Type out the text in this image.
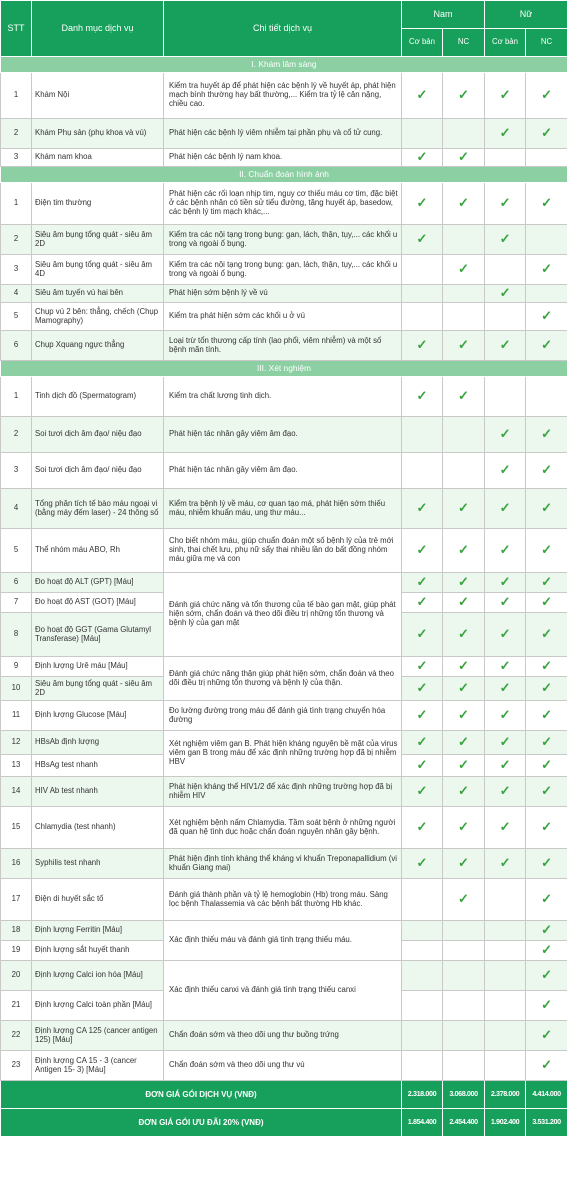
STT	Danh mục dịch vụ	Chi tiết dịch vụ	Nam		Nữ	
			Cơ bản	NC	Cơ bản	NC
I. Khám lâm sàng						
1	Khám Nội	Kiểm tra huyết áp để phát hiện các bệnh lý về huyết áp, phát hiện mạch bình thường hay bất thường,... Kiểm tra tỷ lệ cân nặng, chiều cao.	✓	✓	✓	✓
2	Khám Phụ sản (phụ khoa và vú)	Phát hiện các bệnh lý viêm nhiễm tại phần phụ và cổ tử cung.			✓	✓
3	Khám nam khoa	Phát hiện các bệnh lý nam khoa.	✓	✓		
II. Chuẩn đoán hình ảnh						
1	Điện tim thường	Phát hiện các rối loạn nhịp tim, nguy cơ thiếu máu cơ tim, đặc biệt ở các bệnh nhân có tiền sử tiểu đường, tăng huyết áp, basedow, các bệnh lý tim mạch khác,...	✓	✓	✓	✓
2	Siêu âm bụng tổng quát - siêu âm 2D	Kiểm tra các nội tạng trong bụng: gan, lách, thận, tụy,... các khối u trong và ngoài ổ bụng.	✓		✓	
3	Siêu âm bụng tổng quát - siêu âm 4D	Kiểm tra các nội tạng trong bụng: gan, lách, thận, tụy,... các khối u trong và ngoài ổ bụng.		✓		✓
4	Siêu âm tuyến vú hai bên	Phát hiện sớm bệnh lý về vú			✓	
5	Chụp vú 2 bên: thẳng, chếch (Chụp Mamography)	Kiểm tra phát hiện sớm các khối u ở vú				✓
6	Chụp Xquang ngực thẳng	Loại trừ tổn thương cấp tính (lao phổi, viêm nhiễm) và một số bệnh mãn tính.	✓	✓	✓	✓
III. Xét nghiệm						
1	Tinh dịch đồ (Spermatogram)	Kiểm tra chất lượng tinh dịch.	✓	✓		
2	Soi tươi dịch âm đạo/ niệu đạo	Phát hiện tác nhân gây viêm âm đạo.			✓	✓
3	Soi tươi dịch âm đạo/ niệu đạo	Phát hiện tác nhân gây viêm âm đạo.			✓	✓
4	Tổng phân tích tế bào máu ngoại vi (bằng máy đếm laser) - 24 thông số	Kiểm tra bệnh lý về máu, cơ quan tạo má, phát hiện sớm thiếu máu, nhiễm khuẩn máu, ung thư máu...	✓	✓	✓	✓
5	Thể nhóm máu ABO, Rh	Cho biết nhóm máu, giúp chuẩn đoán một số bệnh lý của trẻ mới sinh, thai chết lưu, phụ nữ sẩy thai nhiều lần do bất đồng nhóm máu giữa mẹ và con	✓	✓	✓	✓
6	Đo hoạt độ ALT (GPT) [Máu]	Đánh giá chức năng và tổn thương của tế bào gan mật, giúp phát hiện sớm, chẩn đoán và theo dõi điều trị những tổn thương và bệnh lý của gan mật	✓	✓	✓	✓
7	Đo hoạt độ AST (GOT) [Máu]		✓	✓	✓	✓
8	Đo hoạt độ GGT (Gama Glutamyl Transferase) [Máu]		✓	✓	✓	✓
9	Định lượng Urê máu [Máu]	Đánh giá chức năng thận giúp phát hiện sớm, chẩn đoán và theo dõi điều trị những tổn thương và bệnh lý của thận.	✓	✓	✓	✓
10	Siêu âm bụng tổng quát - siêu âm 2D		✓	✓	✓	✓
11	Định lượng Glucose [Máu]	Đo lường đường trong máu để đánh giá tình trạng chuyển hóa đường	✓	✓	✓	✓
12	HBsAb định lượng	Xét nghiệm viêm gan B. Phát hiện kháng nguyên bề mặt của virus viêm gan B trong máu để xác định những trường hợp đã bị nhiễm HBV	✓	✓	✓	✓
13	HBsAg test nhanh		✓	✓	✓	✓
14	HIV Ab test nhanh	Phát hiện kháng thể HIV1/2 để xác định những trường hợp đã bị nhiễm HIV	✓	✓	✓	✓
15	Chlamydia (test nhanh)	Xét nghiệm bệnh nấm Chlamydia. Tầm soát bệnh ở những người đã quan hệ tình dục hoặc chẩn đoán nguyên nhân gây bệnh.	✓	✓	✓	✓
16	Syphilis test nhanh	Phát hiện định tính kháng thể kháng vi khuẩn Treponapallidium (vi khuẩn Giang mai)	✓	✓	✓	✓
17	Điện di huyết sắc tố	Đánh giá thành phần và tỷ lệ hemoglobin (Hb) trong máu. Sàng lọc bệnh Thalassemia và các bệnh bất thường Hb khác.		✓		✓
18	Định lượng Ferritin [Máu]	Xác định thiếu máu và đánh giá tình trạng thiếu máu.				✓
19	Định lượng sắt huyết thanh					✓
20	Định lượng Calci ion hóa [Máu]	Xác định thiếu canxi và đánh giá tình trạng thiếu canxi				✓
21	Định lượng Calci toàn phần [Máu]					✓
22	Định lượng CA 125 (cancer antigen 125) [Máu]	Chẩn đoán sớm và theo dõi ung thư buồng trứng				✓
23	Định lượng CA 15 - 3 (cancer Antigen 15- 3) [Máu]	Chẩn đoán sớm và theo dõi ung thư vú				✓
ĐƠN GIÁ GÓI DỊCH VỤ (VNĐ)			2.318.000	3.068.000	2.378.000	4.414.000
ĐƠN GIÁ GÓI ƯU ĐÃI 20% (VNĐ)			1.854.400	2.454.400	1.902.400	3.531.200
